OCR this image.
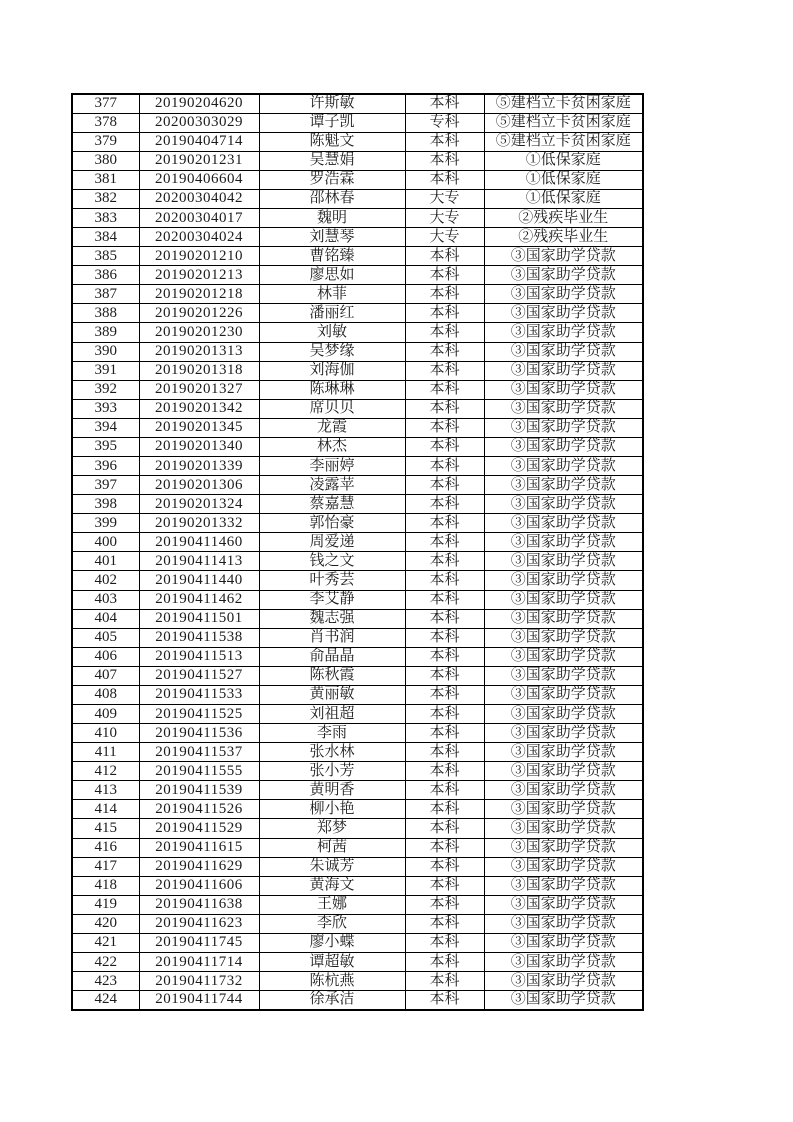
377	20190204620	许斯敏	本科	⑤建档立卡贫困家庭
378	20200303029	谭子凯	专科	⑤建档立卡贫困家庭
379	20190404714	陈魁文	本科	⑤建档立卡贫困家庭
380	20190201231	吴慧娟	本科	①低保家庭
381	20190406604	罗浩霖	本科	①低保家庭
382	20200304042	邵林春	大专	①低保家庭
383	20200304017	魏明	大专	②残疾毕业生
384	20200304024	刘慧琴	大专	②残疾毕业生
385	20190201210	曹铭臻	本科	③国家助学贷款
386	20190201213	廖思如	本科	③国家助学贷款
387	20190201218	林菲	本科	③国家助学贷款
388	20190201226	潘丽红	本科	③国家助学贷款
389	20190201230	刘敏	本科	③国家助学贷款
390	20190201313	吴梦缘	本科	③国家助学贷款
391	20190201318	刘海伽	本科	③国家助学贷款
392	20190201327	陈琳琳	本科	③国家助学贷款
393	20190201342	席贝贝	本科	③国家助学贷款
394	20190201345	龙霞	本科	③国家助学贷款
395	20190201340	林杰	本科	③国家助学贷款
396	20190201339	李丽婷	本科	③国家助学贷款
397	20190201306	凌露苹	本科	③国家助学贷款
398	20190201324	蔡嘉慧	本科	③国家助学贷款
399	20190201332	郭怡豪	本科	③国家助学贷款
400	20190411460	周爱递	本科	③国家助学贷款
401	20190411413	钱之文	本科	③国家助学贷款
402	20190411440	叶秀芸	本科	③国家助学贷款
403	20190411462	李艾静	本科	③国家助学贷款
404	20190411501	魏志强	本科	③国家助学贷款
405	20190411538	肖书润	本科	③国家助学贷款
406	20190411513	俞晶晶	本科	③国家助学贷款
407	20190411527	陈秋霞	本科	③国家助学贷款
408	20190411533	黄丽敏	本科	③国家助学贷款
409	20190411525	刘祖超	本科	③国家助学贷款
410	20190411536	李雨	本科	③国家助学贷款
411	20190411537	张水林	本科	③国家助学贷款
412	20190411555	张小芳	本科	③国家助学贷款
413	20190411539	黄明香	本科	③国家助学贷款
414	20190411526	柳小艳	本科	③国家助学贷款
415	20190411529	郑梦	本科	③国家助学贷款
416	20190411615	柯茜	本科	③国家助学贷款
417	20190411629	朱诚芳	本科	③国家助学贷款
418	20190411606	黄海文	本科	③国家助学贷款
419	20190411638	王娜	本科	③国家助学贷款
420	20190411623	李欣	本科	③国家助学贷款
421	20190411745	廖小蝶	本科	③国家助学贷款
422	20190411714	谭超敏	本科	③国家助学贷款
423	20190411732	陈杭燕	本科	③国家助学贷款
424	20190411744	徐承洁	本科	③国家助学贷款
